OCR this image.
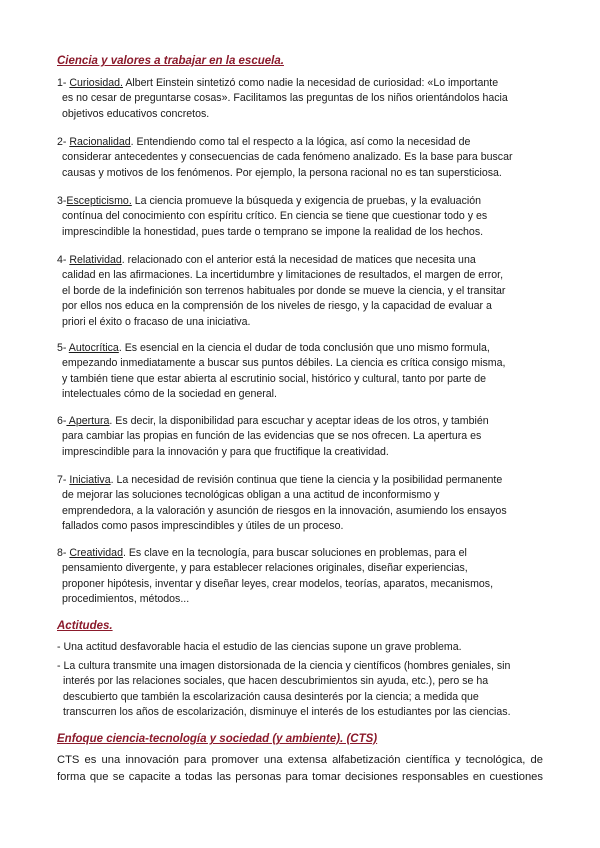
Ciencia y valores a trabajar en la escuela.
1- Curiosidad. Albert Einstein sintetizó como nadie la necesidad de curiosidad: «Lo importante
es no cesar de preguntarse cosas». Facilitamos las preguntas de los niños orientándolos hacia
objetivos educativos concretos.
2- Racionalidad. Entendiendo como tal el respecto a la lógica, así como la necesidad de
considerar antecedentes y consecuencias de cada fenómeno analizado. Es la base para buscar
causas y motivos de los fenómenos. Por ejemplo, la persona racional no es tan supersticiosa.
3-Escepticismo. La ciencia promueve la búsqueda y exigencia de pruebas, y la evaluación
contínua del conocimiento con espíritu crítico. En ciencia se tiene que cuestionar todo y es
imprescindible la honestidad, pues tarde o temprano se impone la realidad de los hechos.
4- Relatividad. relacionado con el anterior está la necesidad de matices que necesita una
calidad en las afirmaciones. La incertidumbre y limitaciones de resultados, el margen de error,
el borde de la indefinición son terrenos habituales por donde se mueve la ciencia, y el transitar
por ellos nos educa en la comprensión de los niveles de riesgo, y la capacidad de evaluar a
priori el éxito o fracaso de una iniciativa.
5- Autocrítica. Es esencial en la ciencia el dudar de toda conclusión que uno mismo formula,
empezando inmediatamente a buscar sus puntos débiles. La ciencia es crítica consigo misma,
y también tiene que estar abierta al escrutinio social, histórico y cultural, tanto por parte de
intelectuales cómo de la sociedad en general.
6- Apertura. Es decir, la disponibilidad para escuchar y aceptar ideas de los otros, y también
para cambiar las propias en función de las evidencias que se nos ofrecen. La apertura es
imprescindible para la innovación y para que fructifique la creatividad.
7- Iniciativa. La necesidad de revisión continua que tiene la ciencia y la posibilidad permanente
de mejorar las soluciones tecnológicas obligan a una actitud de inconformismo y
emprendedora, a la valoración y asunción de riesgos en la innovación, asumiendo los ensayos
fallados como pasos imprescindibles y útiles de un proceso.
8- Creatividad. Es clave en la tecnología, para buscar soluciones en problemas, para el
pensamiento divergente, y para establecer relaciones originales, diseñar experiencias,
proponer hipótesis, inventar y diseñar leyes, crear modelos, teorías, aparatos, mecanismos,
procedimientos, métodos...
Actitudes.
- Una actitud desfavorable hacia el estudio de las ciencias supone un grave problema.
- La cultura transmite una imagen distorsionada de la ciencia y científicos (hombres geniales, sin
interés por las relaciones sociales, que hacen descubrimientos sin ayuda, etc.), pero se ha
descubierto que también la escolarización causa desinterés por la ciencia; a medida que
transcurren los años de escolarización, disminuye el interés de los estudiantes por las ciencias.
Enfoque ciencia-tecnología y sociedad (y ambiente). (CTS)
CTS es una innovación para promover una extensa alfabetización científica y tecnológica, de
forma que se capacite a todas las personas para tomar decisiones responsables en cuestiones
